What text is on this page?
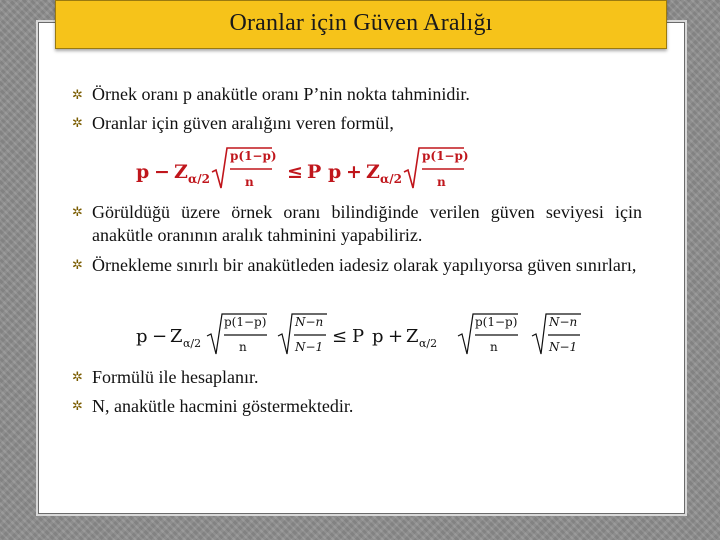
Oranlar için Güven Aralığı
✲ Örnek oranı p anakütle oranı P’nin nokta tahminidir.
✲ Oranlar için güven aralığını veren formül,
p − Z α/2
p(1−p)
n ≤ P p + Z α/2
p(1−p)
n
✲ Görüldüğü üzere örnek oranı bilindiğinde verilen güven seviyesi için anakütle oranının aralık tahminini yapabiliriz.
✲ Örnekleme sınırlı bir anakütleden iadesiz olarak yapılıyorsa güven sınırları,
p − Z α/2
p(1−p)
n
N−n
N−1 ≤ P p + Z α/2
p(1−p)
n
N−n
N−1
✲ Formülü ile hesaplanır.
✲ N, anakütle hacmini göstermektedir.
